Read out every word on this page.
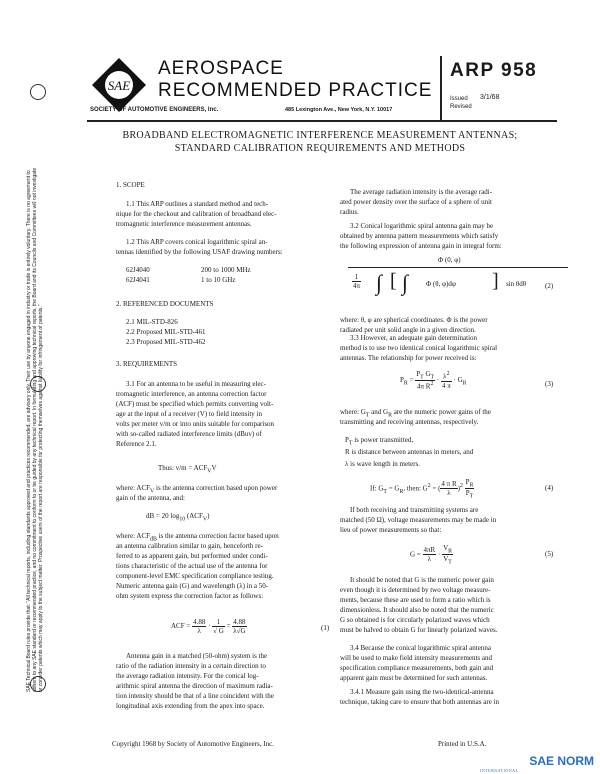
SAE
AEROSPACE
RECOMMENDED PRACTICE
SOCIETY OF AUTOMOTIVE ENGINEERS, Inc.	485 Lexington Ave., New York, N.Y. 10017
ARP 958
Issued 3/1/68
Revised
BROADBAND ELECTROMAGNETIC INTERFERENCE MEASUREMENT ANTENNAS;
STANDARD CALIBRATION REQUIREMENTS AND METHODS
SAE Technical Board rules provide that: "All technical reports, including standards approved and practices recommended, are advisory only. Their use by anyone engaged in industry or trade is entirely voluntary. There is no agreement to adhere to any SAE standard or recommended practice, and no commitment to conform to or be guided by any technical report. In formulating and approving technical reports, the Board and its Councils and Committees will not investigate or consider patents which may apply to the subject matter. Prospective users of the report are responsible for protecting themselves against liability for infringement of patents."
Copyright 1968 by Society of Automotive Engineers, Inc.	Printed in U.S.A.
SAE NORM
INTERNATIONAL
1. SCOPE
1.1 This ARP outlines a standard method and tech-
nique for the checkout and calibration of broadband elec-
tromagnetic interference measurement antennas.
1.2 This ARP covers conical logarithmic spiral an-
tennas identified by the following USAF drawing numbers:
62J4040	200 to 1000 MHz
62J4041	1 to 10 GHz
2. REFERENCED DOCUMENTS
2.1 MIL-STD-826
2.2 Proposed MIL-STD-461
2.3 Proposed MIL-STD-462
3. REQUIREMENTS
3.1 For an antenna to be useful in measuring elec-
tromagnetic interference, an antenna correction factor
(ACF) must be specified which permits converting volt-
age at the input of a receiver (V) to field intensity in
volts per meter v/m or into units suitable for comparison
with so-called radiated interference limits (dBuv) of
Reference 2.1.
Thus: $v/m = ACF_VV$
where: $ACF_V$ is the antenna correction based upon power
gain of the antenna, and:
dB = 20 $\log_{10} (ACF_V)$
where: $ACF_{dB}$ is the antenna correction factor based upon
an antenna calibration similar to gain, henceforth re-
ferred to as apparent gain, but performed under condi-
tions characteristic of the actual use of the antenna for
component-level EMC specification compliance testing.
Numeric antenna gain (G) and wavelength (λ) in a 50-
ohm system express the correction factor as follows:
ACF = $\frac{4.88}{\lambda} \cdot \frac{1}{√ G} = \frac{4.88}{\lambda√G}$	(1)
Antenna gain in a matched (50-ohm) system is the
ratio of the radiation intensity in a certain direction to
the average radiation intensity. For the conical log-
arithmic spiral antenna the direction of maximum radia-
tion intensity should be that of a line coincident with the
longitudinal axis extending from the apex into space.
The average radiation intensity is the average radi-
ated power density over the surface of a sphere of unit
radius.
3.2 Conical logarithmic spiral antenna gain may be
obtained by antenna pattern measurements which satisfy
the following expression of antenna gain in integral form:
Φ (0, φ)
$\frac{1}{4\pi}$ ∫ [ ∫	Φ (θ, φ)dφ ] sin θdθ	(2)
where: θ, φ are spherical coordinates. Φ is the power
radiated per unit solid angle in a given direction.
3.3 However, an adequate gain determination
method is to use two identical conical logarithmic spiral
antennas. The relationship for power received is:
$P_R = \frac{P_T G_T}{4\pi R^2} \cdot \frac{\lambda^2}{4 \pi} \cdot G_R$	(3)
where: $G_T$ and $G_R$ are the numeric power gains of the
transmitting and receiving antennas, respectively.
$P_T$ is power transmitted,
R is distance between antennas in meters, and
λ is wave length in meters.
If: $G_T = G_R$, then: $G^2$ = ( $\frac{\text{4 π R}}{\lambda} )^2 \frac{P_R}{P_T}$	(4)
If both receiving and transmitting systems are
matched (50 Ω), voltage measurements may be made in
lieu of power measurements so that:
$G = \frac{4\pi R}{\lambda} \cdot \frac{V_R}{V_T}$	(5)
It should be noted that G is the numeric power gain
even though it is determined by two voltage measure-
ments, because these are used to form a ratio which is
dimensionless. It should also be noted that the numeric
G so obtained is for circularly polarized waves which
must be halved to obtain G for linearly polarized waves.
3.4 Because the conical logarithmic spiral antenna
will be used to make field intensity measurements and
specification compliance measurements, both gain and
apparent gain must be determined for such antennas.
3.4.1 Measure gain using the two-identical-antenna
technique, taking care to ensure that both antennas are in
